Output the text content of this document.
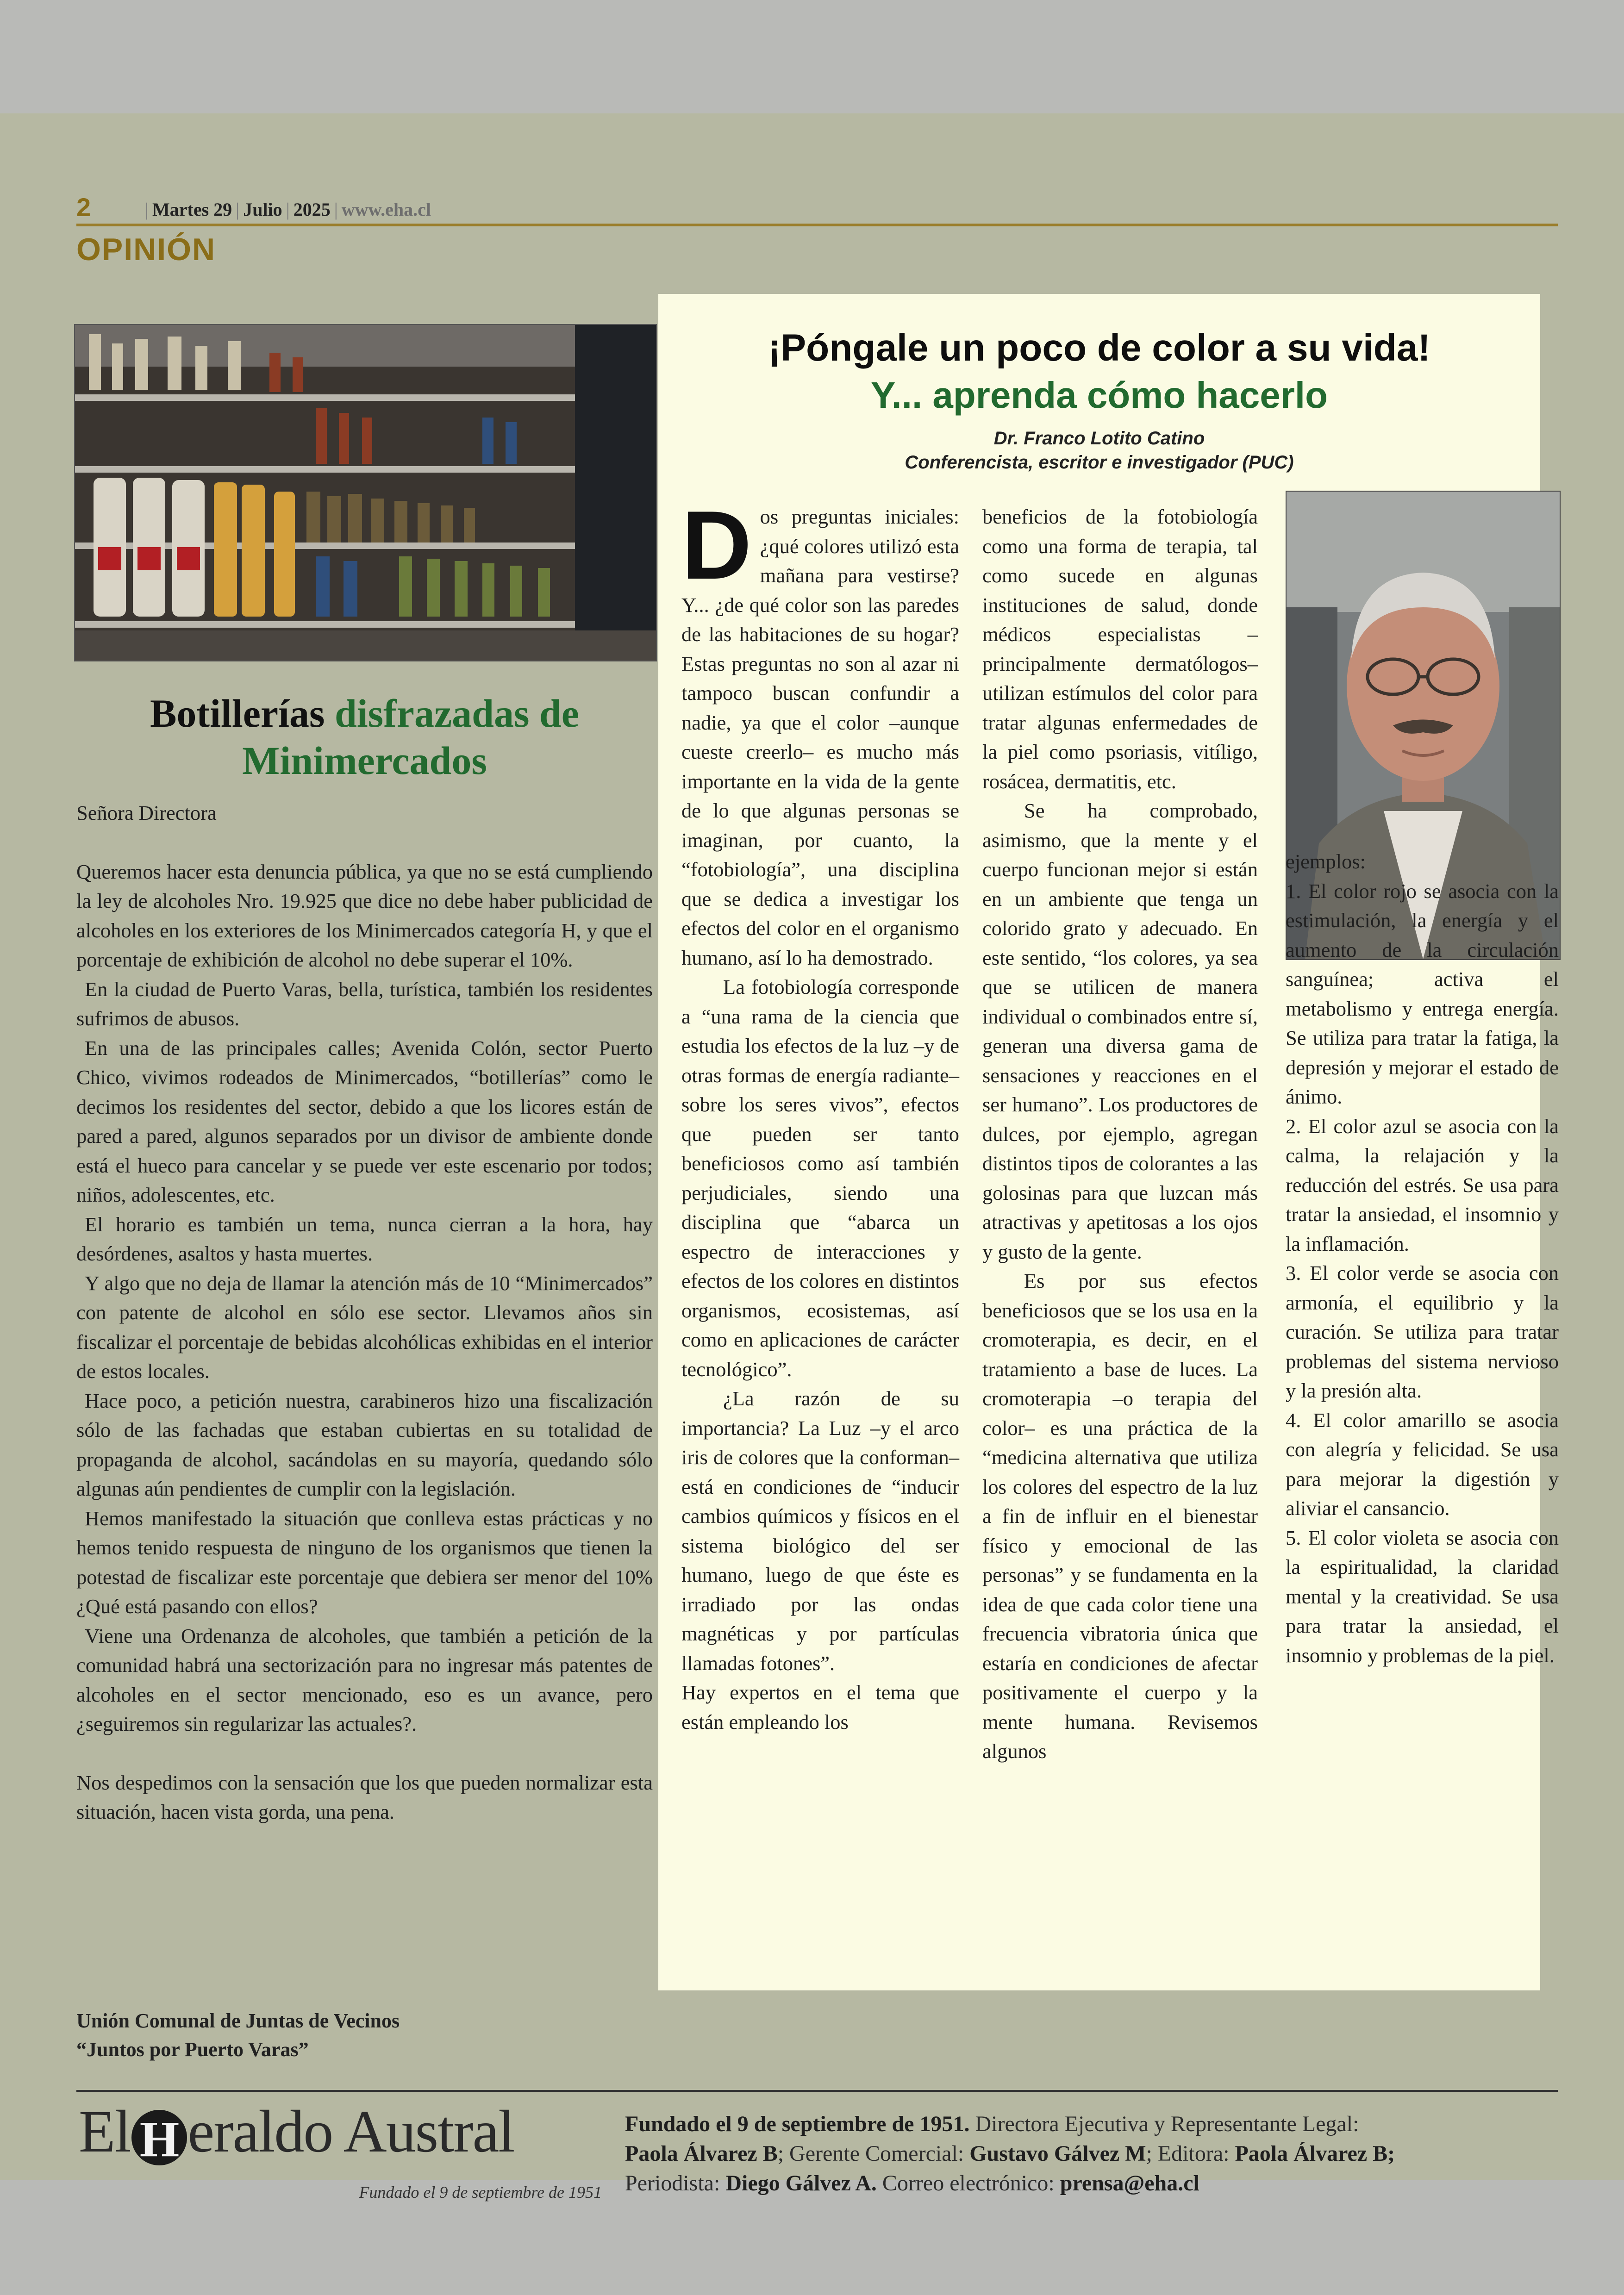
2	| Martes 29 | Julio | 2025 | www.eha.cl
OPINIÓN
Botillerías disfrazadas de Minimercados

Señora Directora

Queremos hacer esta denuncia pública, ya que no se está cumpliendo la ley de alcoholes Nro. 19.925 que dice no debe haber publicidad de alcoholes en los exteriores de los Minimercados categoría H, y que el porcentaje de exhibición de alcohol no debe superar el 10%.

En la ciudad de Puerto Varas, bella, turística, también los residentes sufrimos de abusos.

En una de las principales calles; Avenida Colón, sector Puerto Chico, vivimos rodeados de Minimercados, “botillerías” como le decimos los residentes del sector, debido a que los licores están de pared a pared, algunos separados por un divisor de ambiente donde está el hueco para cancelar y se puede ver este escenario por todos; niños, adolescentes, etc.

El horario es también un tema, nunca cierran a la hora, hay desórdenes, asaltos y hasta muertes.

Y algo que no deja de llamar la atención más de 10 “Minimercados” con patente de alcohol en sólo ese sector. Llevamos años sin fiscalizar el porcentaje de bebidas alcohólicas exhibidas en el interior de estos locales.

Hace poco, a petición nuestra, carabineros hizo una fiscalización sólo de las fachadas que estaban cubiertas en su totalidad de propaganda de alcohol, sacándolas en su mayoría, quedando sólo algunas aún pendientes de cumplir con la legislación.

Hemos manifestado la situación que conlleva estas prácticas y no hemos tenido respuesta de ninguno de los organismos que tienen la potestad de fiscalizar este porcentaje que debiera ser menor del 10% ¿Qué está pasando con ellos?

Viene una Ordenanza de alcoholes, que también a petición de la comunidad habrá una sectorización para no ingresar más patentes de alcoholes en el sector mencionado, eso es un avance, pero ¿seguiremos sin regularizar las actuales?.

Nos despedimos con la sensación que los que pueden normalizar esta situación, hacen vista gorda, una pena.

Unión Comunal de Juntas de Vecinos
“Juntos por Puerto Varas”
¡Póngale un poco de color a su vida!
Y... aprenda cómo hacerlo
Dr. Franco Lotito Catino
Conferencista, escritor e investigador (PUC)

Dos preguntas iniciales: ¿qué colores utilizó esta mañana para vestirse? Y... ¿de qué color son las paredes de las habitaciones de su hogar? Estas preguntas no son al azar ni tampoco buscan confundir a nadie, ya que el color –aunque cueste creerlo– es mucho más importante en la vida de la gente de lo que algunas personas se imaginan, por cuanto, la “fotobiología”, una disciplina que se dedica a investigar los efectos del color en el organismo humano, así lo ha demostrado.

La fotobiología corresponde a “una rama de la ciencia que estudia los efectos de la luz –y de otras formas de energía radiante– sobre los seres vivos”, efectos que pueden ser tanto beneficiosos como así también perjudiciales, siendo una disciplina que “abarca un espectro de interacciones y efectos de los colores en distintos organismos, ecosistemas, así como en aplicaciones de carácter tecnológico”.

¿La razón de su importancia? La Luz –y el arco iris de colores que la conforman– está en condiciones de “inducir cambios químicos y físicos en el sistema biológico del ser humano, luego de que éste es irradiado por las ondas magnéticas y por partículas llamadas fotones”.

Hay expertos en el tema que están empleando los

beneficios de la fotobiología como una forma de terapia, tal como sucede en algunas instituciones de salud, donde médicos especialistas –principalmente dermatólogos– utilizan estímulos del color para tratar algunas enfermedades de la piel como psoriasis, vitíligo, rosácea, dermatitis, etc.

Se ha comprobado, asimismo, que la mente y el cuerpo funcionan mejor si están en un ambiente que tenga un colorido grato y adecuado. En este sentido, “los colores, ya sea que se utilicen de manera individual o combinados entre sí, generan una diversa gama de sensaciones y reacciones en el ser humano”. Los productores de dulces, por ejemplo, agregan distintos tipos de colorantes a las golosinas para que luzcan más atractivas y apetitosas a los ojos y gusto de la gente.

Es por sus efectos beneficiosos que se los usa en la cromoterapia, es decir, en el tratamiento a base de luces. La cromoterapia –o terapia del color– es una práctica de la “medicina alternativa que utiliza los colores del espectro de la luz a fin de influir en el bienestar físico y emocional de las personas” y se fundamenta en la idea de que cada color tiene una frecuencia vibratoria única que estaría en condiciones de afectar positivamente el cuerpo y la mente humana. Revisemos algunos

ejemplos:

1. El color rojo se asocia con la estimulación, la energía y el aumento de la circulación sanguínea; activa el metabolismo y entrega energía. Se utiliza para tratar la fatiga, la depresión y mejorar el estado de ánimo.

2. El color azul se asocia con la calma, la relajación y la reducción del estrés. Se usa para tratar la ansiedad, el insomnio y la inflamación.

3. El color verde se asocia con armonía, el equilibrio y la curación. Se utiliza para tratar problemas del sistema nervioso y la presión alta.

4. El color amarillo se asocia con alegría y felicidad. Se usa para mejorar la digestión y aliviar el cansancio.

5. El color violeta se asocia con la espiritualidad, la claridad mental y la creatividad. Se usa para tratar la ansiedad, el insomnio y problemas de la piel.

El H eraldo Austral
Fundado el 9 de septiembre de 1951
Fundado el 9 de septiembre de 1951. Directora Ejecutiva y Representante Legal:
Paola Álvarez B; Gerente Comercial: Gustavo Gálvez M; Editora: Paola Álvarez B;
Periodista: Diego Gálvez A. Correo electrónico: prensa@eha.cl
